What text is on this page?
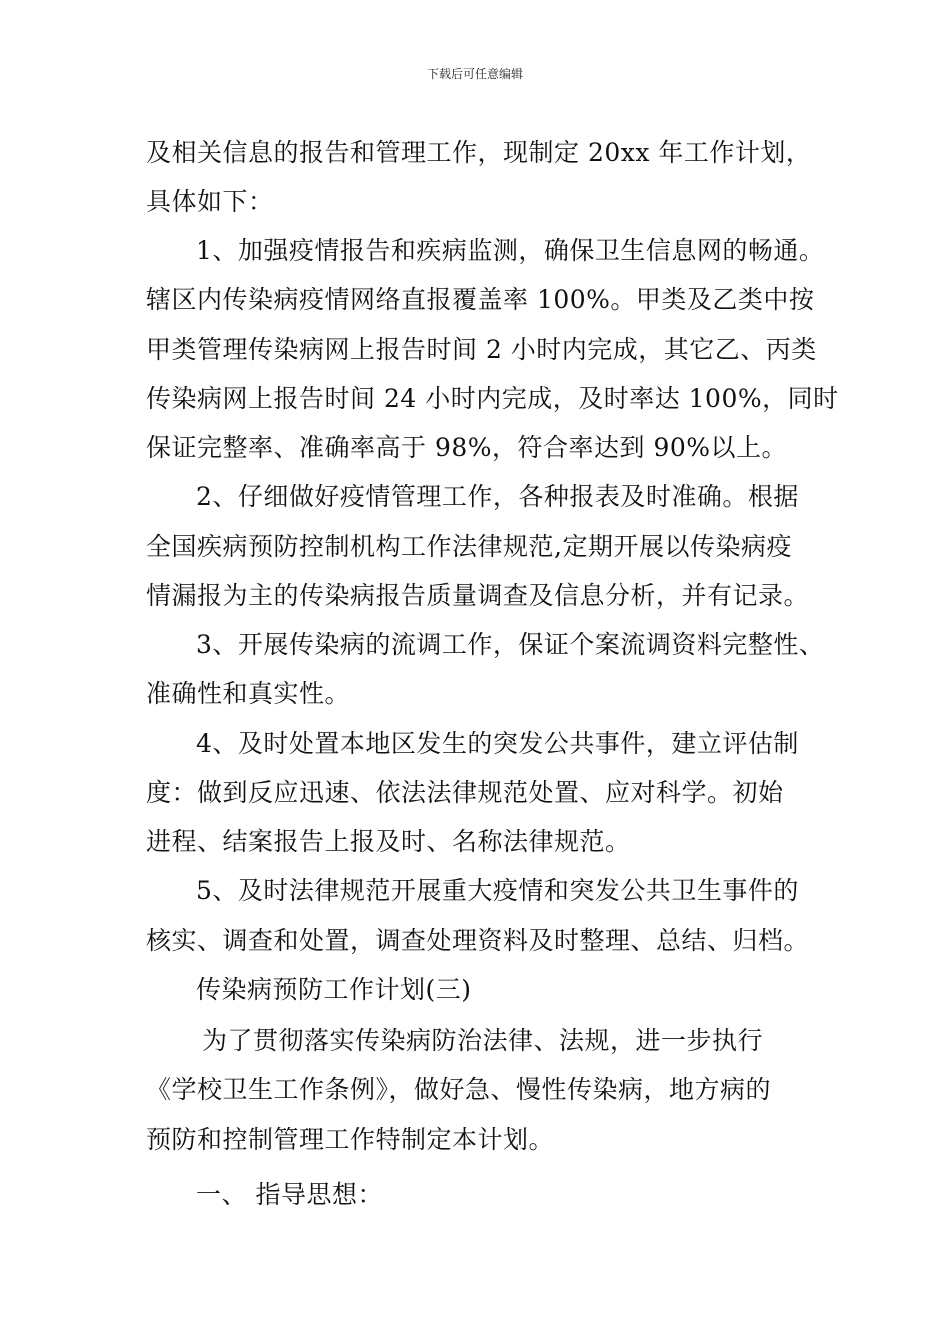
下载后可任意编辑
及相关信息的报告和管理工作，现制定 20xx 年工作计划，
具体如下：
1、加强疫情报告和疾病监测，确保卫生信息网的畅通。
辖区内传染病疫情网络直报覆盖率 100%。甲类及乙类中按
甲类管理传染病网上报告时间 2 小时内完成，其它乙、丙类
传染病网上报告时间 24 小时内完成，及时率达 100%，同时
保证完整率、准确率高于 98%，符合率达到 90%以上。
2、仔细做好疫情管理工作，各种报表及时准确。根据
全国疾病预防控制机构工作法律规范,定期开展以传染病疫
情漏报为主的传染病报告质量调查及信息分析，并有记录。
3、开展传染病的流调工作，保证个案流调资料完整性、
准确性和真实性。
4、及时处置本地区发生的突发公共事件，建立评估制
度：做到反应迅速、依法法律规范处置、应对科学。初始
进程、结案报告上报及时、名称法律规范。
5、及时法律规范开展重大疫情和突发公共卫生事件的
核实、调查和处置，调查处理资料及时整理、总结、归档。
传染病预防工作计划(三)
为了贯彻落实传染病防治法律、法规，进一步执行
《学校卫生工作条例》，做好急、慢性传染病，地方病的
预防和控制管理工作特制定本计划。
一、 指导思想：
